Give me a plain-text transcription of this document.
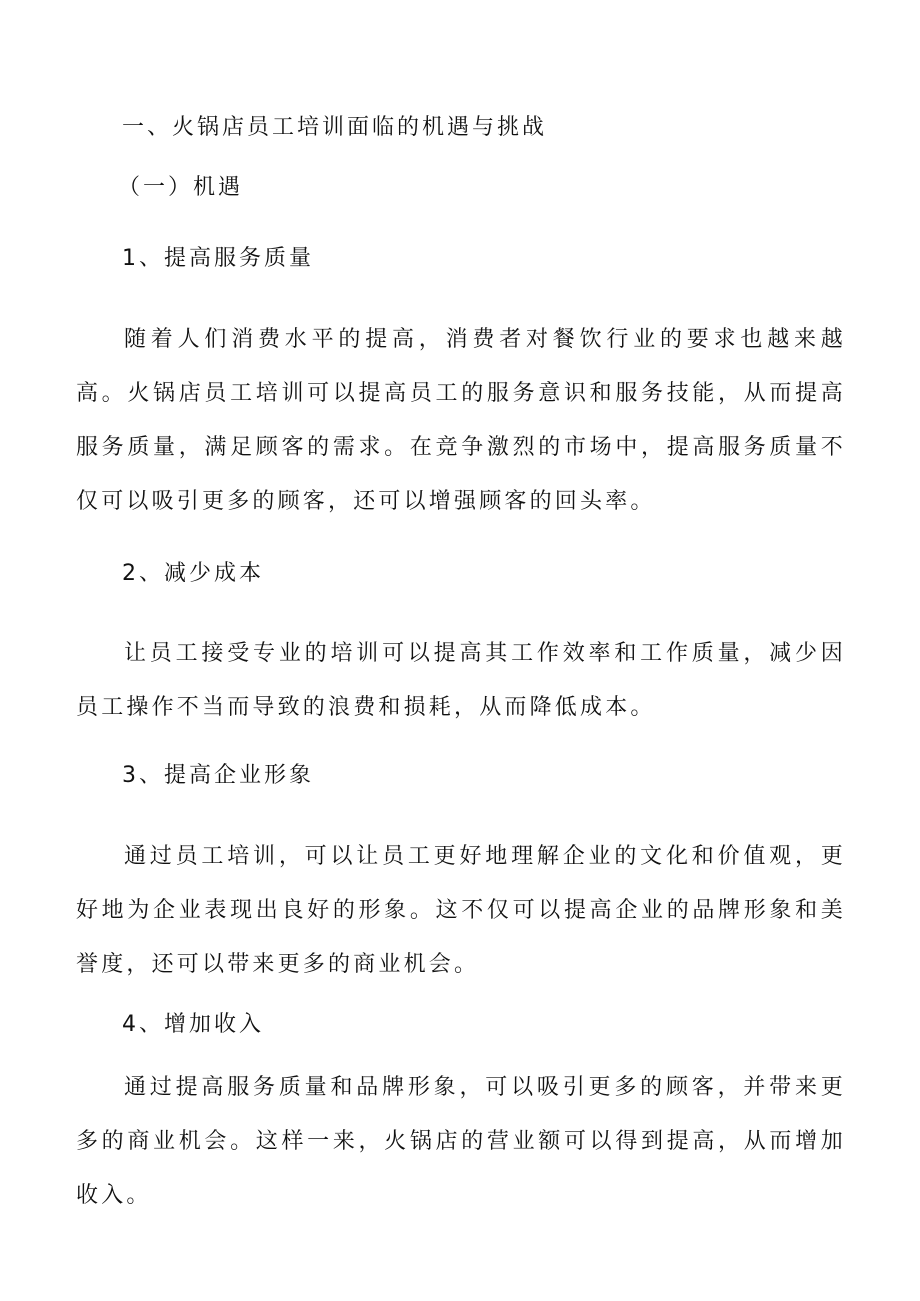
一、火锅店员工培训面临的机遇与挑战
（一）机遇
1、提高服务质量
随着人们消费水平的提高，消费者对餐饮行业的要求也越来越高。火锅店员工培训可以提高员工的服务意识和服务技能，从而提高服务质量，满足顾客的需求。在竞争激烈的市场中，提高服务质量不仅可以吸引更多的顾客，还可以增强顾客的回头率。
2、减少成本
让员工接受专业的培训可以提高其工作效率和工作质量，减少因员工操作不当而导致的浪费和损耗，从而降低成本。
3、提高企业形象
通过员工培训，可以让员工更好地理解企业的文化和价值观，更好地为企业表现出良好的形象。这不仅可以提高企业的品牌形象和美誉度，还可以带来更多的商业机会。
4、增加收入
通过提高服务质量和品牌形象，可以吸引更多的顾客，并带来更多的商业机会。这样一来，火锅店的营业额可以得到提高，从而增加收入。
